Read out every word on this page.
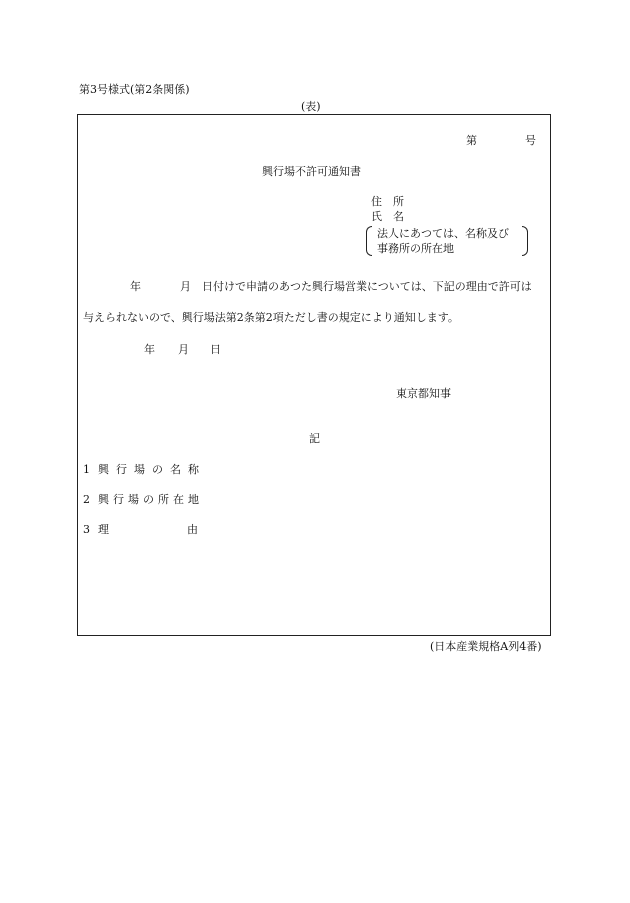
第3号様式(第2条関係)
(表)
第	号
興行場不許可通知書
住　所
氏　名
法人にあつては、名称及び
事務所の所在地
年	月 日付けで申請のあつた興行場営業については、下記の理由で許可は
与えられないので、興行場法第2条第2項ただし書の規定により通知します。
年 月 日
東京都知事
記
1 興行場の名称
2 興行場の所在地
3 理	由
(日本産業規格A列4番)
